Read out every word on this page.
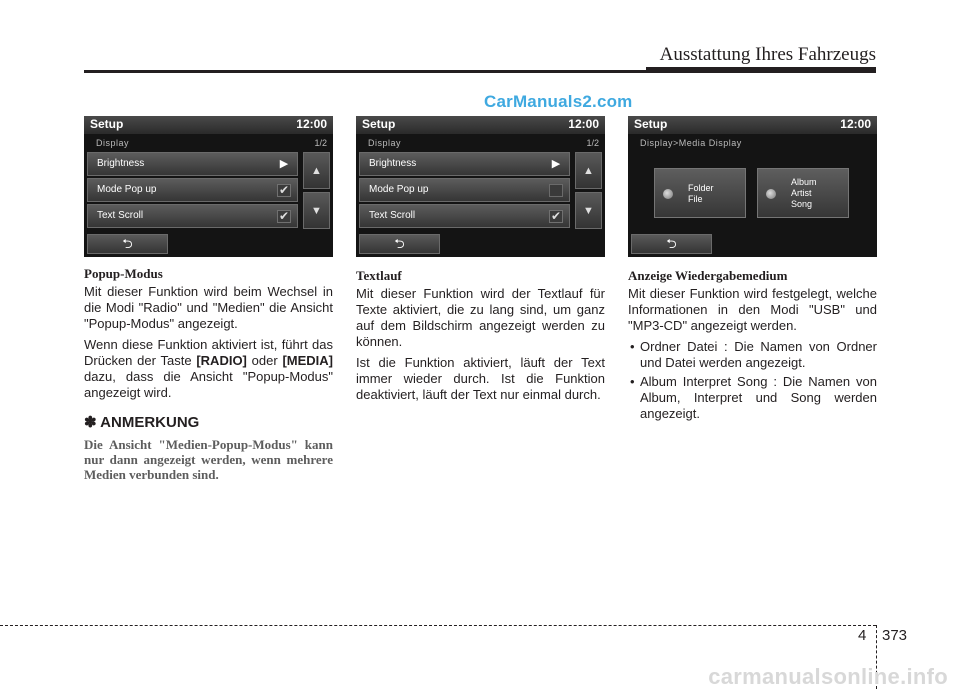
Ausstattung Ihres Fahrzeugs
CarManuals2.com
Setup	12:00
Display	1/2
Brightness	▶
Mode Pop up	✔
Text Scroll	✔
▲
▼
⮌
Setup	12:00
Display	1/2
Brightness	▶
Mode Pop up
Text Scroll	✔
▲
▼
⮌
Setup	12:00
Display>Media Display
Folder
File
Album
Artist
Song
⮌
Popup-Modus

Mit dieser Funktion wird beim Wechsel in die Modi "Radio" und "Medien" die Ansicht "Popup-Modus" angezeigt.

Wenn diese Funktion aktiviert ist, führt das Drücken der Taste [RADIO] oder [MEDIA] dazu, dass die Ansicht "Popup-Modus" angezeigt wird.

✽ ANMERKUNG

Die Ansicht "Medien-Popup-Modus" kann nur dann angezeigt werden, wenn mehrere Medien verbunden sind.

Textlauf

Mit dieser Funktion wird der Textlauf für Texte aktiviert, die zu lang sind, um ganz auf dem Bildschirm angezeigt werden zu können.

Ist die Funktion aktiviert, läuft der Text immer wieder durch. Ist die Funktion deaktiviert, läuft der Text nur einmal durch.

Anzeige Wiedergabemedium

Mit dieser Funktion wird festgelegt, welche Informationen in den Modi "USB" und "MP3-CD" angezeigt werden.

• Ordner Datei : Die Namen von Ordner und Datei werden angezeigt.
• Album Interpret Song : Die Namen von Album, Interpret und Song werden angezeigt.
4 373
carmanualsonline.info
